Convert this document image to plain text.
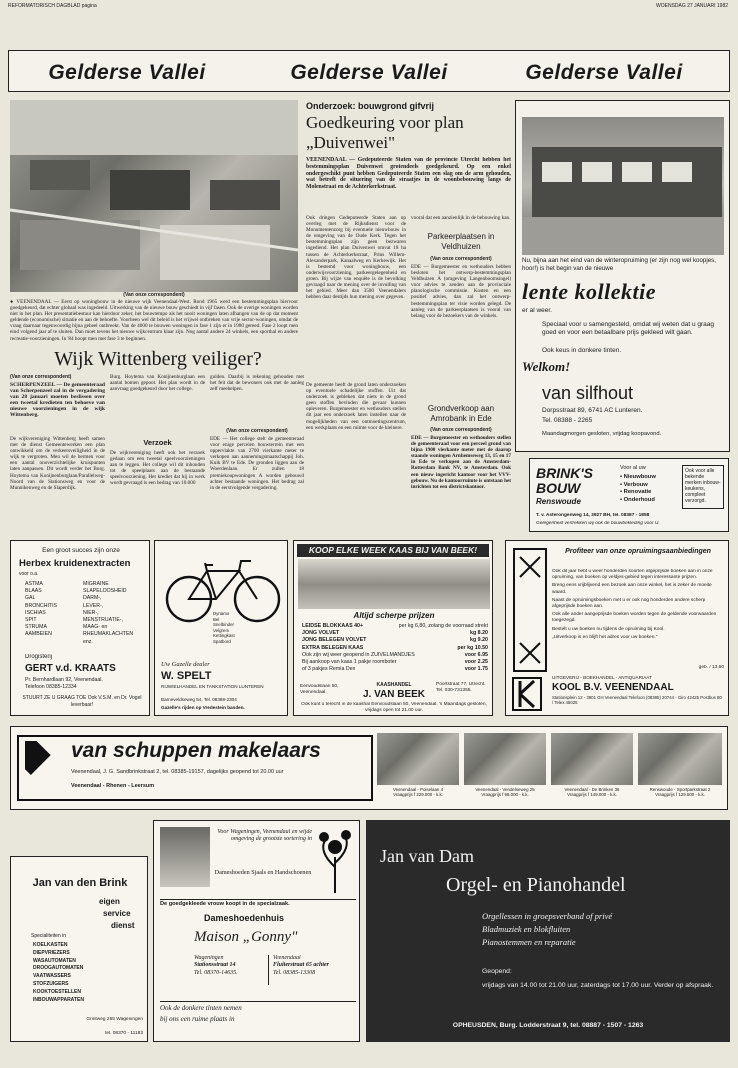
REFORMATORISCH DAGBLAD pagina	WOENSDAG 27 JANUARI 1982
Gelderse Vallei	Gelderse Vallei	Gelderse Vallei
(Van onze correspondent)
● VEENENDAAL — Eerst op woningbouw in de nieuwe wijk Veenendaal-West. Rond 1965 werd een bestemmingsplan hiervoor goedgekeurd, dat echter globaal was ingedeeld. Uitwerking van de nieuwe bouw geschiedt in vijf fasen. Ook de overige woningen worden niet in het plan. Het presentatiebestuur kan hierdoor zeker, het bouwtempo als het nooit woningen laten afhangen van de op dat moment geldende (economische) situatie en aan de behoefte. Voorheen wel dit beleid is het vrijwel ontbreken van vrije sector-woningen, omdat de vraag daarnaar tegenwoordig bijna geheel ontbreekt. Van de 4000 te bouwen woningen in fase 1 zijn er in 1980 gereed. Fase 2 loopt men eind volgend jaar af te sluiten. Dan moet tevens het nieuwe wijkcentrum klaar zijn. Nog aantal andere 24 winkels, een sporthal en andere recreatie-voorzieningen. In '84 hoopt men met fase 3 te beginnen.
Onderzoek: bouwgrond gifvrij
Goedkeuring voor plan „Duivenwei"
VEENENDAAL — Gedeputeerde Staten van de provincie Utrecht hebben het bestemmingsplan Duivenwei grotendeels goedgekeurd. Op een enkel ondergeschikt punt hebben Gedeputeerde Staten een slag om de arm gehouden, wat betreft de situering van de straatjes in de woonbebouwing langs de Molenstraat en de Achterkerkstraat.
Ook dringen Gedeputeerde Staten aan op overleg met de Rijksdienst voor de Monumentenzorg bij eventuele nieuwbouw in de omgeving van de Oude Kerk. Tegen het bestemmingsplan zijn geen bezwaren ingediend. Het plan Duivenwei omvat 18 ha tussen de Achterkerkstraat, Prins Willem-Alexanderpark, Kanaalweg en Kerkewijk. Het is bestemd voor woningbouw, een onderwijsvoorziening, parkeergelegenheid en groen. Bij wijze van enquête is de bevolking gevraagd naar de mening over de invulling van het gebied. Meer dan 3500 Veenendalers hebben daar destijds hun mening over gegeven.
De gemeente heeft de grond laten onderzoeken op eventuele schadelijke stoffen. Uit dat onderzoek is gebleken dat niets in de grond geen stoffen bevinden die gevaar kunnen opleveren. Burgemeester en wethouders stellen dit jaar een onderzoek laten instellen naar de mogelijkheden van een ontmoetingscentrum, een werkplaats en een ruimte voor de kleinere.
vooral dat een aanzienlijk in de bebouwing kan.
Parkeerplaatsen in Veldhuizen
(Van onze correspondent)
EDE — Burgemeester en wethouders hebben besloten het ontwerp-bestemmingsplan Veldhuizen A (omgeving Langenboomsingel) voor advies te zenden aan de provinciale planologische commissie. Kosten en een positief advies, dan zal het ontwerp-bestemmingsplan ter visie worden gelegd. De aanleg van de parkeerplaatsen is vooral van belang voor de bezoekers van de winkels.
Grondverkoop aan Amrobank in Ede
(Van onze correspondent)
EDE — Burgemeester en wethouders stellen de gemeenteraad voor een perceel grond van bijna 1900 vierkante meter met de daarop staande woningen Arnhemseweg 13, 15 en 17 in Ede te verkopen aan de Amsterdam-Rotterdam Bank NV, te Amsterdam. Ook een nieuw ingericht kantoor voor het VVV-gebouw. Nu de kantoorruimte is ontstaan het inrichten tot een districtskantoor.
Wijk Wittenberg veiliger?
(Van onze correspondent)
SCHERPENZEEL — De gemeenteraad van Scherpenzeel zal in de vergadering van 28 januari moeten beslissen over een tweetal kredieten ten behoeve van nieuwe voorzieningen in de wijk Wittenberg.
De wijkvereniging Wittenberg heeft samen met de dienst Gemeentewerken een plan ontwikkeld om de verkeersveiligheid in de wijk te vergroten. Men wil de bermen voor een aantal onoverzichtelijke kruispunten laten aanpassen. Dit wordt verder het Burg. Hoytema van Konijnenburglaan/Parallelweg-Noord van de Stationsweg en voor de Munnikenweg en de Slaperdijk.
Burg. Hoytema van Konijnenburglaan een aantal bomen gepoot. Het plan wordt in de aanvraag goedgekeurd door het college.
Verzoek
De wijkvereniging heeft ook het verzoek gedaan om een tweetal speelvoorzieningen aan te leggen. Het college wil dit inhouden tot de speelplaats aan de bestaande speelvoorziening. Het krediet dat hij in werk wordt gevraagd is een bedrag van 10.000
gulden. Daarbij is rekening gehouden met het feit dat de bewoners ook met de aanleg zelf meehelpen.
(Van onze correspondent)
EDE — Het college stelt de gemeenteraad voor enige percelen bouwterrein met een oppervlakte van 2700 vierkante meter te verkopen aan aannemingsmaatschappij Joh. Kuik BV te Ede. De gronden liggen aan de Woerdenlaan. Er zullen 18 premiekoopwoningen A worden gebouwd achter bestaande woningen. Het bedrag zal in de eerstvolgende vergadering.
Nu, bijna aan het eind van de winteropruiming (er zijn nog wel koopjes, hoor!) is het begin van de nieuwe
lente kollektie
er al weer.
Speciaal voor u samengesteld, omdat wij weten dat u graag goed en voor een betaalbare prijs gekleed wilt gaan.
Ook keus in donkere tinten.
Welkom!
van silfhout
Dorpsstraat 89, 6741 AC Lunteren.
Tel. 08388 - 2265
Maandagmorgen gesloten, vrijdag koopavond.
BRINK'S
BOUW
Renswoude
Voor al uw
• Nieuwbouw
• Verbouw
• Renovatie
• Onderhoud
Ook voor alle bekende merken inbouw-keukens, compleet verzorgd.
T. v. Asterongenweg 14, 3927 BH, tel. 08387 - 1858
Gelegenheid vertrekken wij ook de bouwbekleding voor U.
Een groot succes zijn onze
Herbex kruidenextracten
voor o.a.
ASTMA
BLAAS
GAL
BRONCHITIS
ISCHIAS
SPIT
STRUMA
AAMBEIEN
MIGRAINE
SLAPELOOSHEID
DARM-,
LEVER-,
NIER-,
MENSTRUATIE-,
MAAG- en
RHEUMAKLACHTEN
enz.
Drogisterij
GERT v.d. KRAATS
Pr. Bernhardlaan 92, Veenendaal.
Telefoon 08385-12334
STUURT ZE U GRAAG TOE Ook V.S.M. en Dr. Vogel leverbaar!
Dynamo
Bel
Snelbinder
Velgrem
Kettingkast
Spatbord
Uw Gazelle dealer
W. SPELT
RIJWIELHANDEL EN TANKSTATION LUNTEREN
Barneveldseweg 54, Tel. 08388-2304
Gazelle's rijden op Vredestein banden.
KOOP ELKE WEEK KAAS BIJ VAN BEEK!
Altijd scherpe prijzen
LEIDSE BLOKKAAS 40+	per kg 6,80, zolang de voorraad strekt
JONG VOLVET	kg 8.20
JONG BELEGEN VOLVET	kg 9.20
EXTRA BELEGEN KAAS	per kg 10.50
Ook zijn wij weer geopend in ZUIVELMANDJES	voor 6.95
Bij aankoop van kaas 1 pakje roomboter	voor 2.25
of 3 pakjes Remia Dex	voor 1.75
Eenvoudslaan 50, Veenendaal.
KAASHANDEL
J. VAN BEEK
Poortstraat 77, Utrecht. Tel. 030-731355.
Ook kunt u terecht in de kaashal Eenvoudslaan 50, Veenendaal. 's Maandags gesloten, vrijdags open tot 21.00 uur.
Profiteer van onze opruimingsaanbiedingen

Ook dit jaar hebt u weer honderden soorten afgeprijsde boeken aan in onze opruiming, van boeken op veldjes-gebied tegen interessante prijzen.

Breng eens vrijblijvend een bezoek aan onze winkel, het is zeker de moeite waard.

Naast de opruimingsboeken met u er ook nog honderden andere scherp afgeprijsde boeken aan.

Ook alle ander aangeprijsde boeken worden tegen de geldende voorwaarden toegezegd.

Bestelt u uw boeken nu tijdens de opruiming bij Kool.

„Uitverkoop is en blijft het adres voor uw boeken."

geb. / 13,60
UITGEVERIJ - BOEKHANDEL - ANTIQUARIAAT
KOOL B.V. VEENENDAAL
Stationsplein 12 - 3901 GH Veenendaal Telefoon (08385) 20744 - Giro 42425 Postbus 80 / Telex 45025
van schuppen makelaars
Veenendaal, J. G. Sandbrinkstraat 2, tel. 08385-19157, dagelijks geopend tot 20.00 uur
Veenendaal - Rhenen - Leersum
Veenendaal - Poiselaan 4
Vraagprijs f 229.000 - k.k.
Veenendaal - Vendelseweg 25
Vraagprijs f 98.000 - k.k.
Veenendaal - De Brinken 36
Vraagprijs f 149.000 - k.k.
Renswoude - Sportparkstraat 2
Vraagprijs f 129.500 - k.k.
Jan van den Brink
eigen
service
dienst
Specialiteiten in
KOELKASTEN
DIEPVRIEZERS
WASAUTOMATEN
DROOGAUTOMATEN
VAATWASSERS
STOFZUIGERS
KOOKTOESTELLEN
INBOUWAPPARATEN
Grintweg 255 Wageningen
tel. 08370 - 11183
Voor Wageningen, Veenendaal en wijde omgeving de grootste sortering in
Dameshoeden Sjaals en Handschoenen
De goedgekleede vrouw koopt in de specialzaak.
Dameshoedenhuis
Maison „Gonny"
Wageningen
Stationsstraat 14
Tel. 08370-14635.
Veenendaal
Fluiterstraat 65 achter
Tel. 08385-13308
Ook de donkere tinten nemen
bij ons een ruime plaats in
Jan van Dam
Orgel- en Pianohandel
Orgellessen in groepsverband of privé
Bladmuziek en blokfluiten
Pianostemmen en reparatie
Geopend:
vrijdags van 14.00 tot 21.00 uur, zaterdags tot 17.00 uur. Verder op afspraak.
OPHEUSDEN, Burg. Lodderstraat 9, tel. 08887 - 1507 - 1263
